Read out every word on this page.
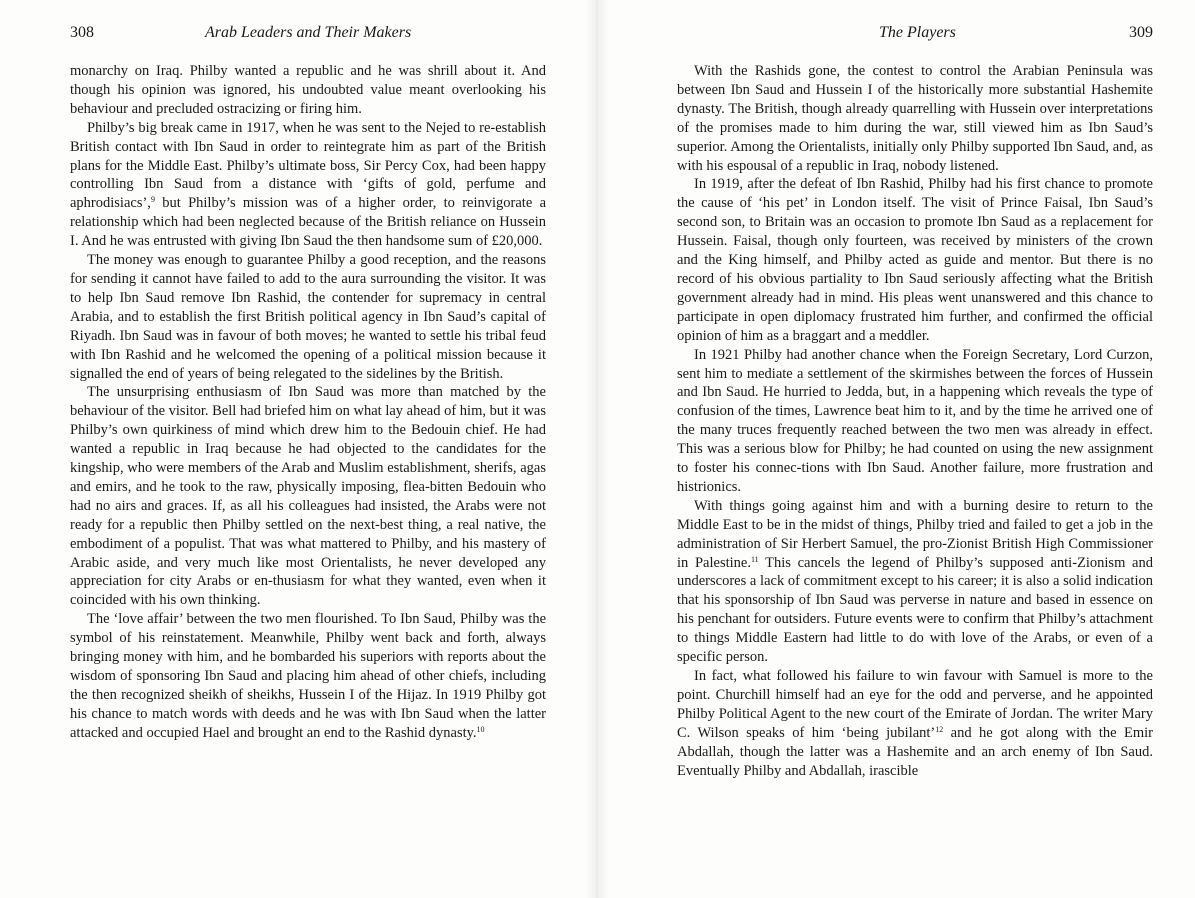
308	Arab Leaders and Their Makers

monarchy on Iraq. Philby wanted a republic and he was shrill about it. And though his opinion was ignored, his undoubted value meant overlooking his behaviour and precluded ostracizing or firing him.

Philby’s big break came in 1917, when he was sent to the Nejed to re-establish British contact with Ibn Saud in order to reintegrate him as part of the British plans for the Middle East. Philby’s ultimate boss, Sir Percy Cox, had been happy controlling Ibn Saud from a distance with ‘gifts of gold, perfume and aphrodisiacs’,$^9$ but Philby’s mission was of a higher order, to reinvigorate a relationship which had been neglected because of the British reliance on Hussein I. And he was entrusted with giving Ibn Saud the then handsome sum of £20,000.

The money was enough to guarantee Philby a good reception, and the reasons for sending it cannot have failed to add to the aura surrounding the visitor. It was to help Ibn Saud remove Ibn Rashid, the contender for supremacy in central Arabia, and to establish the first British political agency in Ibn Saud’s capital of Riyadh. Ibn Saud was in favour of both moves; he wanted to settle his tribal feud with Ibn Rashid and he welcomed the opening of a political mission because it signalled the end of years of being relegated to the sidelines by the British.

The unsurprising enthusiasm of Ibn Saud was more than matched by the behaviour of the visitor. Bell had briefed him on what lay ahead of him, but it was Philby’s own quirkiness of mind which drew him to the Bedouin chief. He had wanted a republic in Iraq because he had objected to the candidates for the kingship, who were members of the Arab and Muslim establishment, sherifs, agas and emirs, and he took to the raw, physically imposing, flea-bitten Bedouin who had no airs and graces. If, as all his colleagues had insisted, the Arabs were not ready for a republic then Philby settled on the next-best thing, a real native, the embodiment of a populist. That was what mattered to Philby, and his mastery of Arabic aside, and very much like most Orientalists, he never developed any appreciation for city Arabs or en-thusiasm for what they wanted, even when it coincided with his own thinking.

The ‘love affair’ between the two men flourished. To Ibn Saud, Philby was the symbol of his reinstatement. Meanwhile, Philby went back and forth, always bringing money with him, and he bombarded his superiors with reports about the wisdom of sponsoring Ibn Saud and placing him ahead of other chiefs, including the then recognized sheikh of sheikhs, Hussein I of the Hijaz. In 1919 Philby got his chance to match words with deeds and he was with Ibn Saud when the latter attacked and occupied Hael and brought an end to the Rashid dynasty.$^{10}$

The Players	309

With the Rashids gone, the contest to control the Arabian Peninsula was between Ibn Saud and Hussein I of the historically more substantial Hashemite dynasty. The British, though already quarrelling with Hussein over interpretations of the promises made to him during the war, still viewed him as Ibn Saud’s superior. Among the Orientalists, initially only Philby supported Ibn Saud, and, as with his espousal of a republic in Iraq, nobody listened.

In 1919, after the defeat of Ibn Rashid, Philby had his first chance to promote the cause of ‘his pet’ in London itself. The visit of Prince Faisal, Ibn Saud’s second son, to Britain was an occasion to promote Ibn Saud as a replacement for Hussein. Faisal, though only fourteen, was received by ministers of the crown and the King himself, and Philby acted as guide and mentor. But there is no record of his obvious partiality to Ibn Saud seriously affecting what the British government already had in mind. His pleas went unanswered and this chance to participate in open diplomacy frustrated him further, and confirmed the official opinion of him as a braggart and a meddler.

In 1921 Philby had another chance when the Foreign Secretary, Lord Curzon, sent him to mediate a settlement of the skirmishes between the forces of Hussein and Ibn Saud. He hurried to Jedda, but, in a happening which reveals the type of confusion of the times, Lawrence beat him to it, and by the time he arrived one of the many truces frequently reached between the two men was already in effect. This was a serious blow for Philby; he had counted on using the new assignment to foster his connec-tions with Ibn Saud. Another failure, more frustration and histrionics.

With things going against him and with a burning desire to return to the Middle East to be in the midst of things, Philby tried and failed to get a job in the administration of Sir Herbert Samuel, the pro-Zionist British High Commissioner in Palestine.$^{11}$ This cancels the legend of Philby’s supposed anti-Zionism and underscores a lack of commitment except to his career; it is also a solid indication that his sponsorship of Ibn Saud was perverse in nature and based in essence on his penchant for outsiders. Future events were to confirm that Philby’s attachment to things Middle Eastern had little to do with love of the Arabs, or even of a specific person.

In fact, what followed his failure to win favour with Samuel is more to the point. Churchill himself had an eye for the odd and perverse, and he appointed Philby Political Agent to the new court of the Emirate of Jordan. The writer Mary C. Wilson speaks of him ‘being jubilant’$^{12}$ and he got along with the Emir Abdallah, though the latter was a Hashemite and an arch enemy of Ibn Saud. Eventually Philby and Abdallah, irascible
